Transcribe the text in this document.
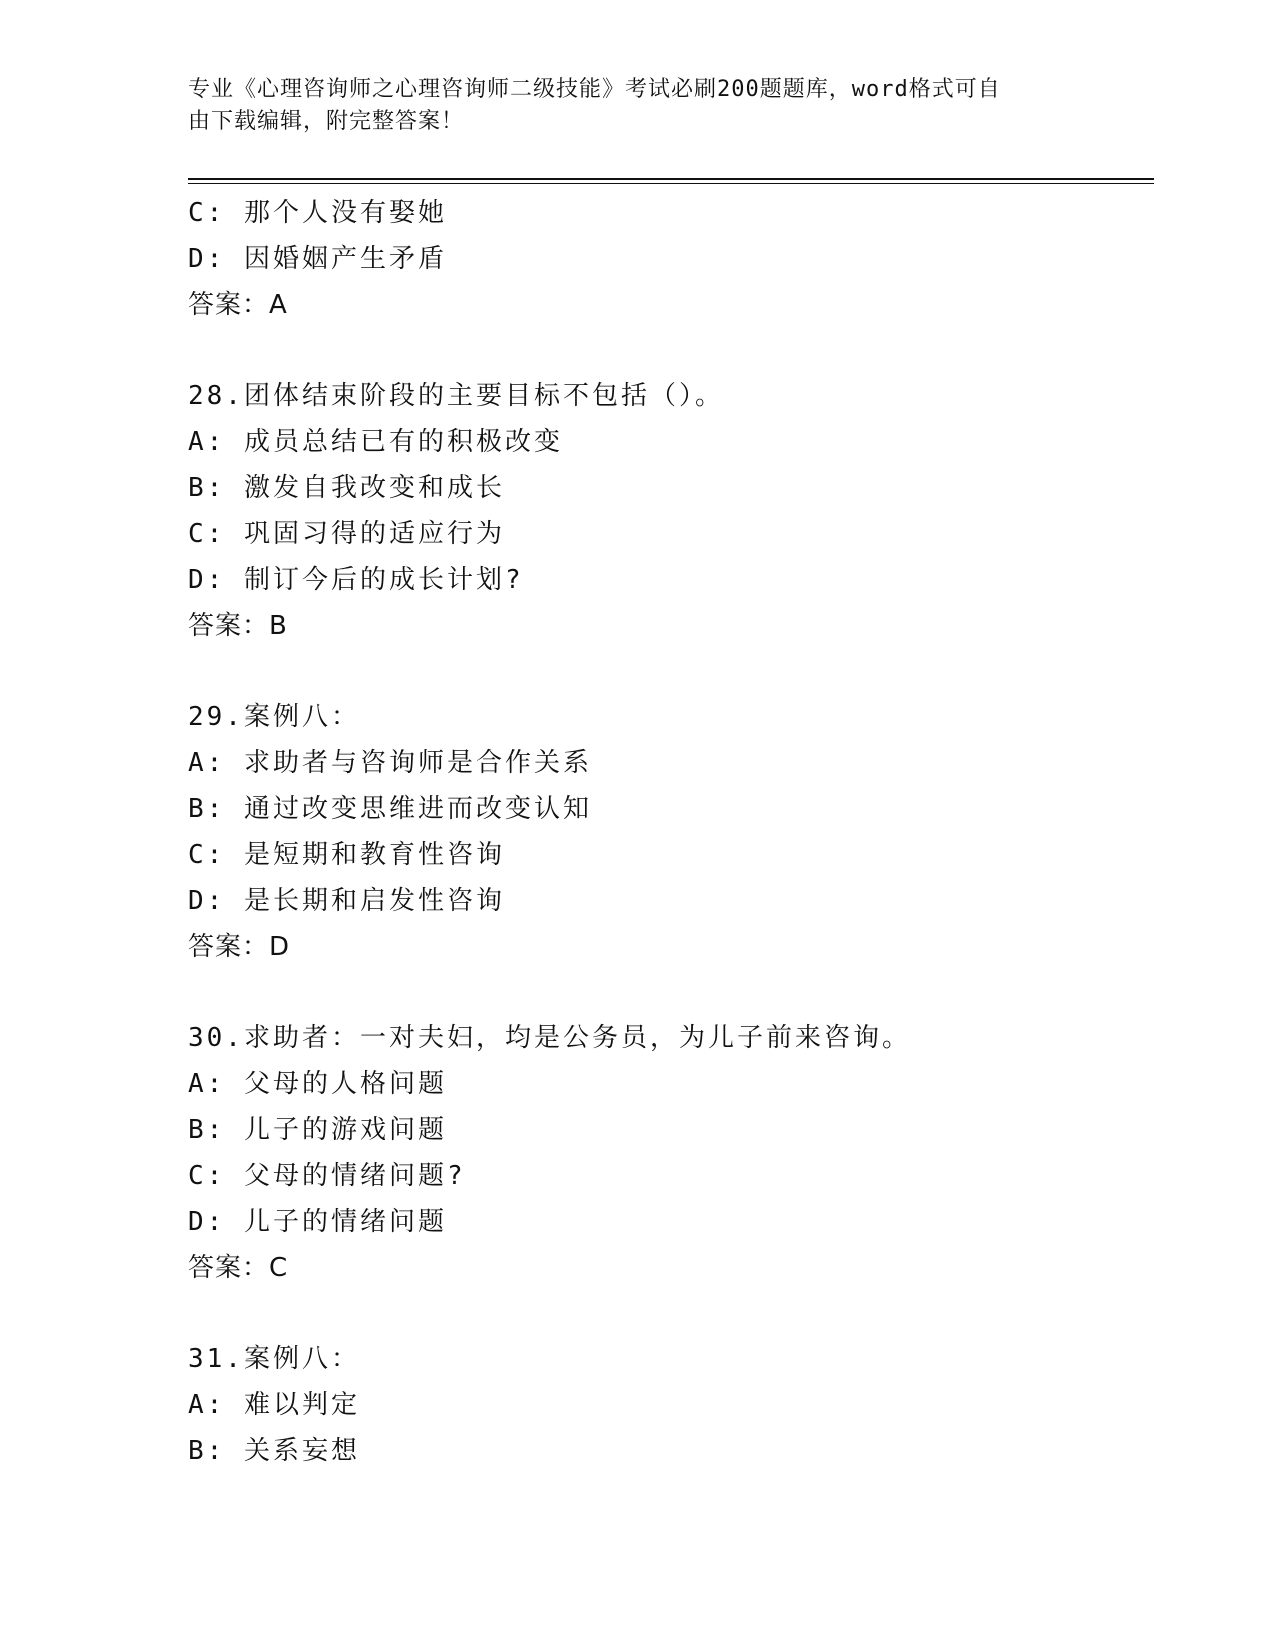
专业《心理咨询师之心理咨询师二级技能》考试必刷200题题库，word格式可自
由下载编辑，附完整答案！
C: 那个人没有娶她
D: 因婚姻产生矛盾
答案：A
28.团体结束阶段的主要目标不包括（）。
A: 成员总结已有的积极改变
B: 激发自我改变和成长
C: 巩固习得的适应行为
D: 制订今后的成长计划?
答案：B
29.案例八：
A: 求助者与咨询师是合作关系
B: 通过改变思维进而改变认知
C: 是短期和教育性咨询
D: 是长期和启发性咨询
答案：D
30.求助者：一对夫妇，均是公务员，为儿子前来咨询。
A: 父母的人格问题
B: 儿子的游戏问题
C: 父母的情绪问题?
D: 儿子的情绪问题
答案：C
31.案例八：
A: 难以判定
B: 关系妄想
